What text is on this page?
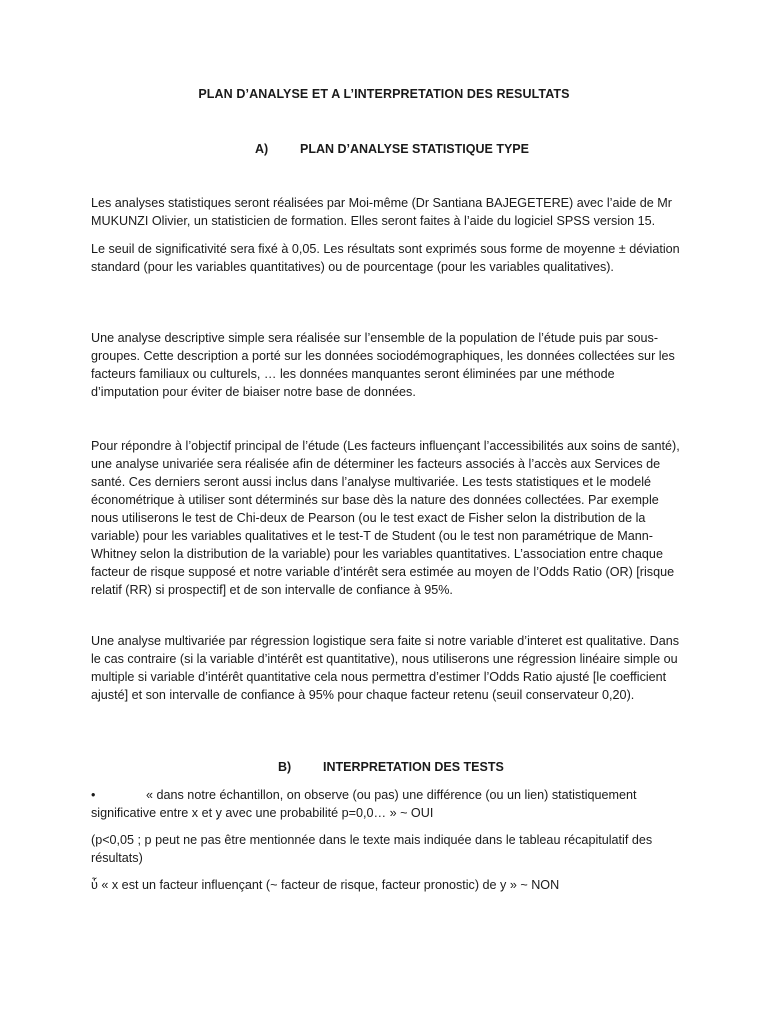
PLAN D’ANALYSE ET A L’INTERPRETATION DES RESULTATS
A)	PLAN D’ANALYSE STATISTIQUE TYPE

Les analyses statistiques seront réalisées par Moi-même (Dr Santiana BAJEGETERE) avec l’aide de Mr MUKUNZI Olivier, un statisticien de formation. Elles seront faites à l’aide du logiciel SPSS version 15.

Le seuil de significativité sera fixé à 0,05. Les résultats sont exprimés sous forme de moyenne ± déviation standard (pour les variables quantitatives) ou de pourcentage (pour les variables qualitatives).

Une analyse descriptive simple sera réalisée sur l’ensemble de la population de l’étude puis par sous-groupes. Cette description a porté sur les données sociodémographiques, les données collectées sur les facteurs familiaux ou culturels, … les données manquantes seront éliminées par une méthode d’imputation pour éviter de biaiser notre base de données.

Pour répondre à l’objectif principal de l’étude (Les facteurs influençant l’accessibilités aux soins de santé), une analyse univariée sera réalisée afin de déterminer les facteurs associés à l’accès aux Services de santé. Ces derniers seront aussi inclus dans l’analyse multivariée. Les tests statistiques et le modelé économétrique à utiliser sont déterminés sur base dès la nature des données collectées. Par exemple nous utiliserons le test de Chi-deux de Pearson (ou le test exact de Fisher selon la distribution de la variable) pour les variables qualitatives et le test-T de Student (ou le test non paramétrique de Mann-Whitney selon la distribution de la variable) pour les variables quantitatives. L’association entre chaque facteur de risque supposé et notre variable d’intérêt sera estimée au moyen de l’Odds Ratio (OR) [risque relatif (RR) si prospectif] et de son intervalle de confiance à 95%.

Une analyse multivariée par régression logistique sera faite si notre variable d’interet est qualitative. Dans le cas contraire (si la variable d’intérêt est quantitative), nous utiliserons une régression linéaire simple ou multiple si variable d’intérêt quantitative cela nous permettra d’estimer l’Odds Ratio ajusté [le coefficient ajusté] et son intervalle de confiance à 95% pour chaque facteur retenu (seuil conservateur 0,20).

B)	INTERPRETATION DES TESTS
•	« dans notre échantillon, on observe (ou pas) une différence (ou un lien) statistiquement
significative entre x et y avec une probabilité p=0,0… » ~ OUI

(p<0,05 ; p peut ne pas être mentionnée dans le texte mais indiquée dans le tableau récapitulatif des résultats)

ὗ « x est un facteur influençant (~ facteur de risque, facteur pronostic) de y » ~ NON
